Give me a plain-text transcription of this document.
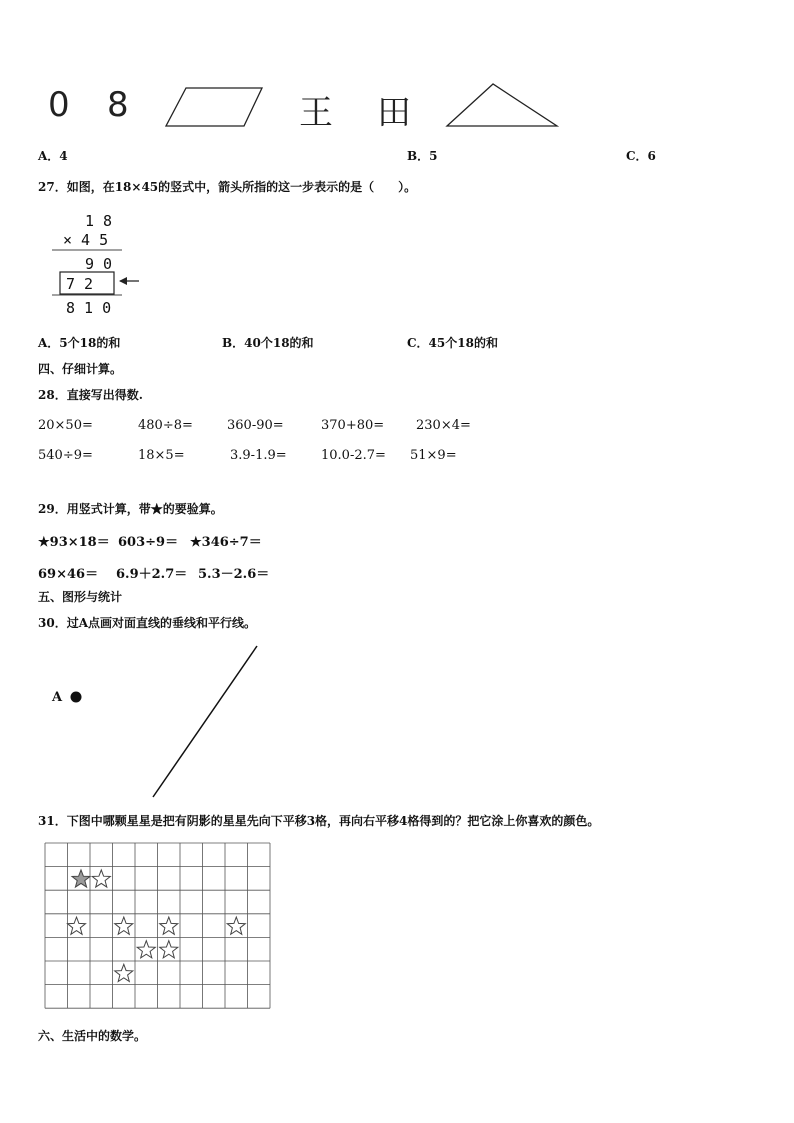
0 8	王 田
A．4	B．5	C．6
27．如图，在18×45的竖式中，箭头所指的这一步表示的是（　　）。
1 8
× 4 5
9 0
7 2
8 1 0
A．5个18的和	B．40个18的和	C．45个18的和
四、仔细计算。
28．直接写出得数.
20×50=	480÷8=	360-90=	370+80= 230×4=
540÷9=	18×5=	3.9-1.9=	10.0-2.7= 51×9=
29．用竖式计算，带★的要验算。
★93×18＝ 603÷9＝ ★346÷7＝
69×46＝ 6.9＋2.7＝ 5.3－2.6＝
五、图形与统计
30．过A点画对面直线的垂线和平行线。
A
31．下图中哪颗星星是把有阴影的星星先向下平移3格，再向右平移4格得到的？把它涂上你喜欢的颜色。
六、生活中的数学。
